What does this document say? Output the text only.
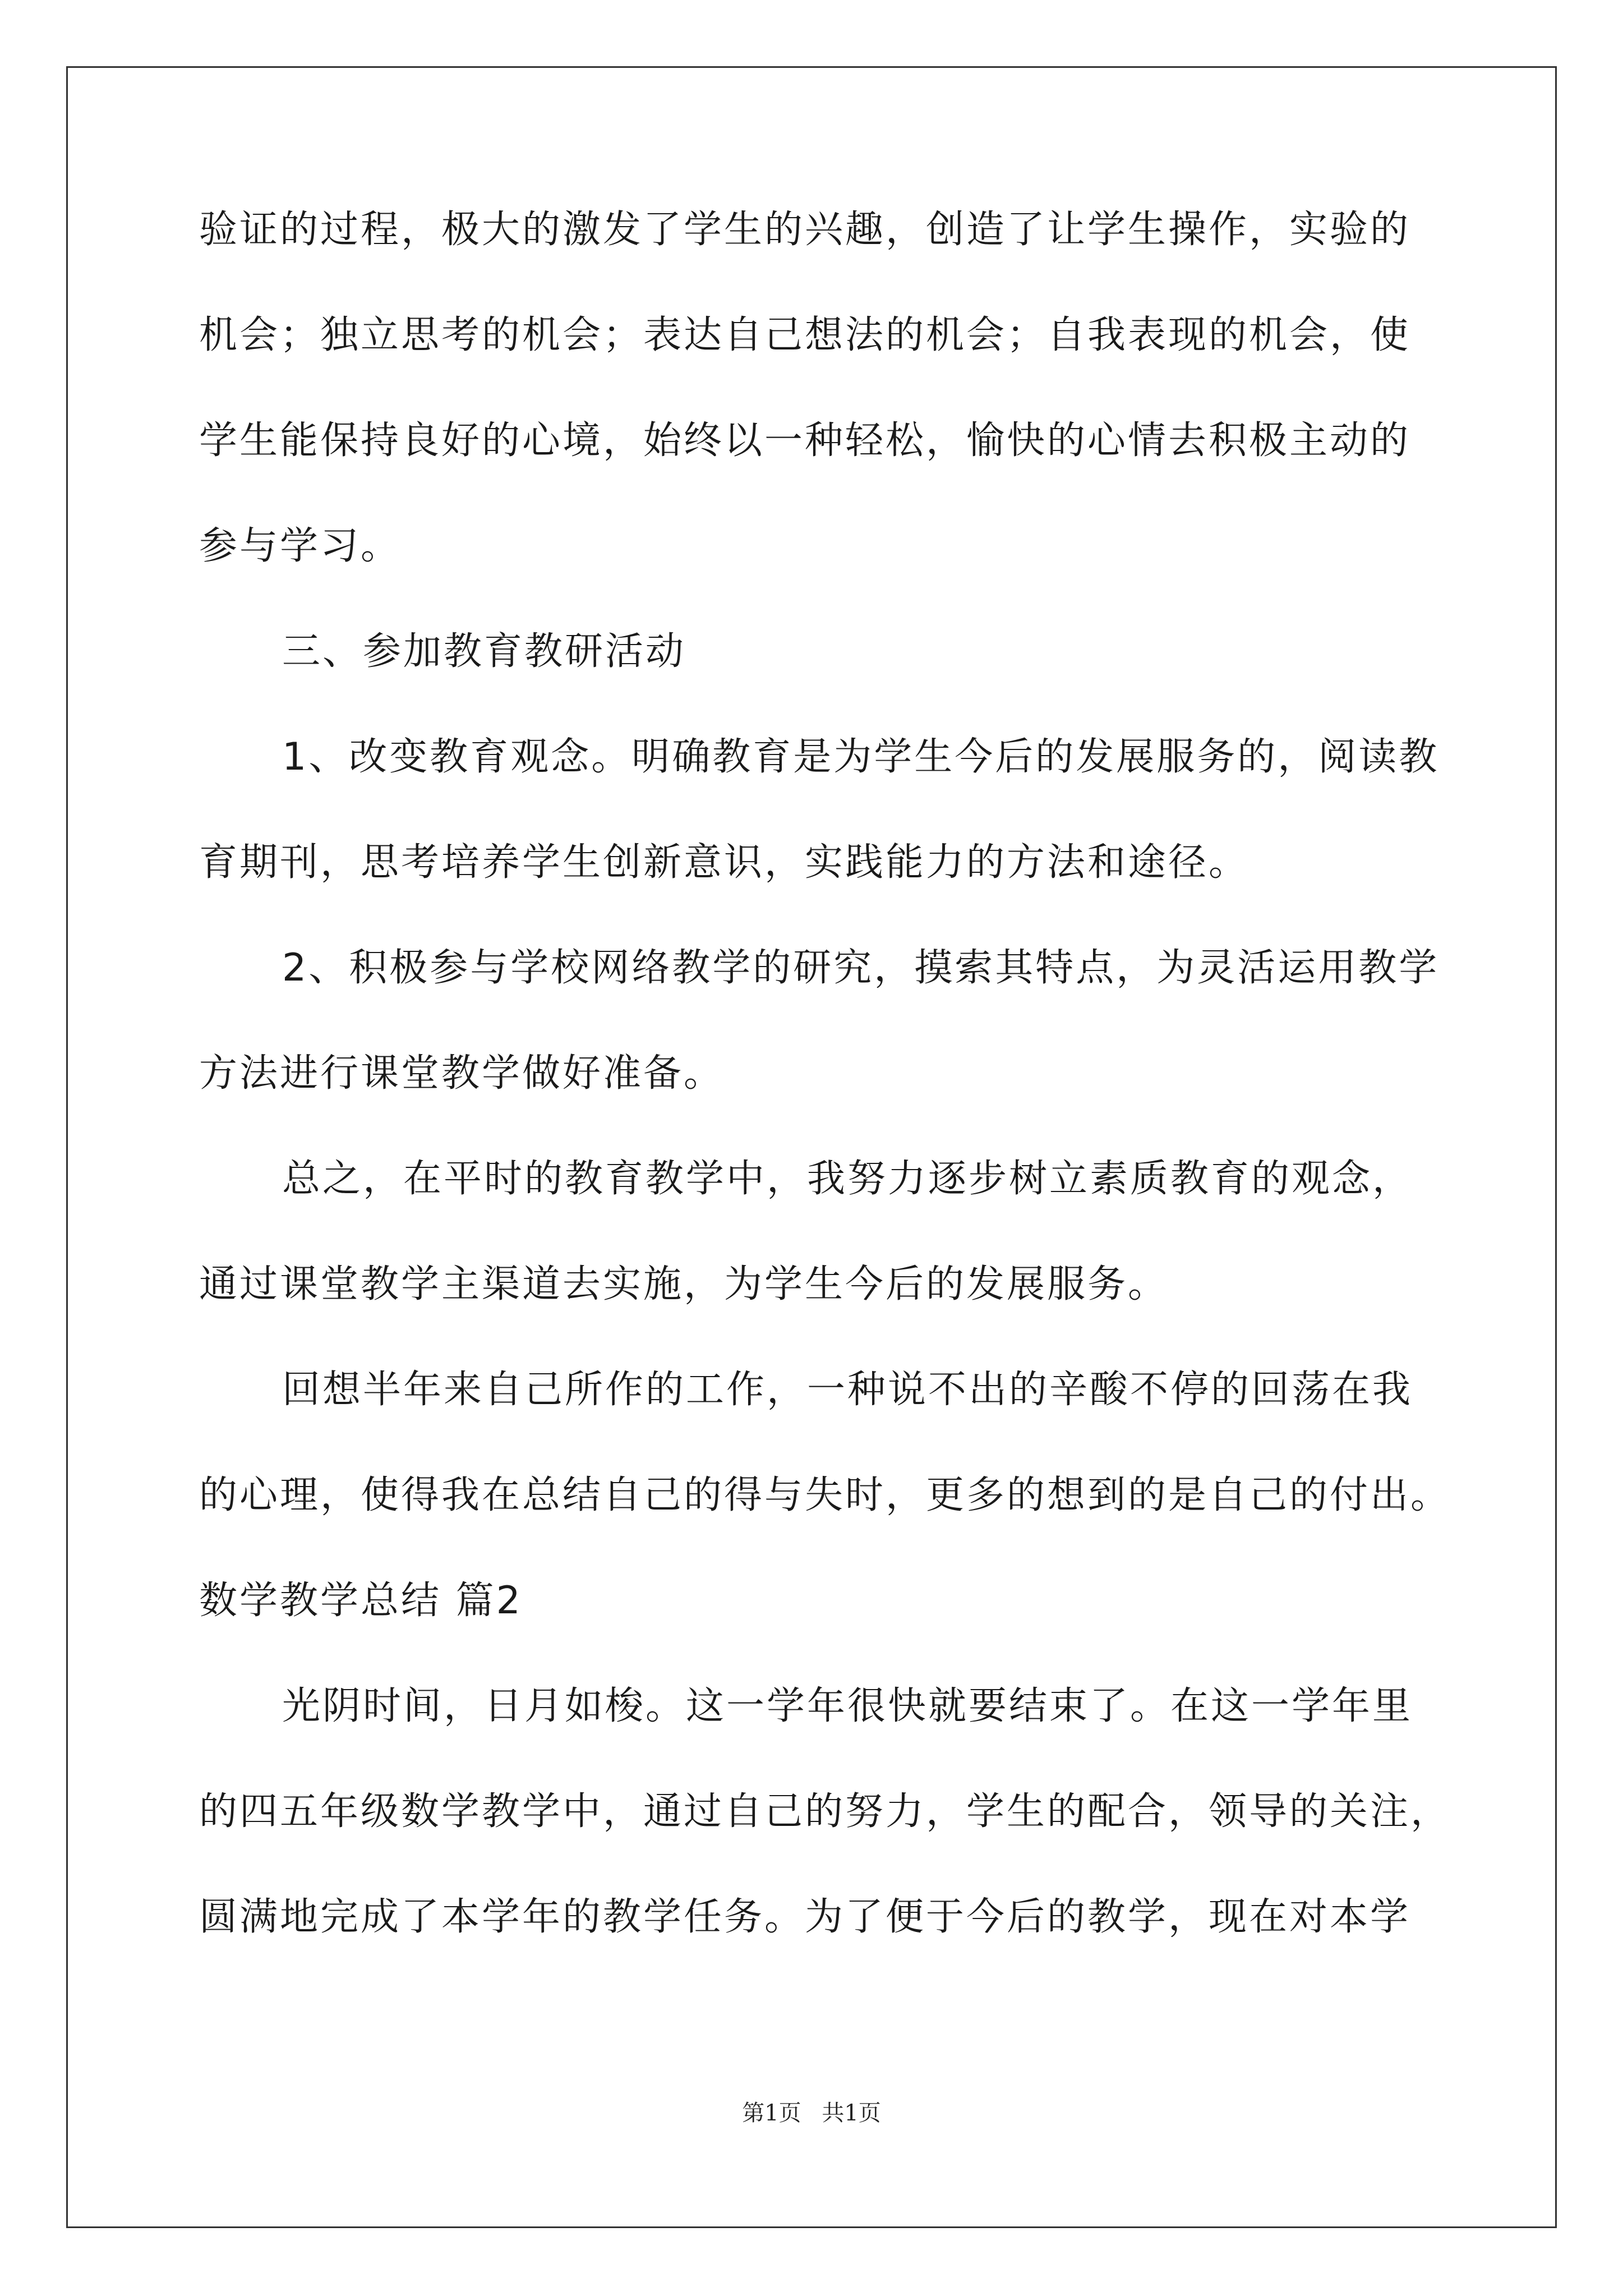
验证的过程，极大的激发了学生的兴趣，创造了让学生操作，实验的
机会；独立思考的机会；表达自己想法的机会；自我表现的机会，使
学生能保持良好的心境，始终以一种轻松，愉快的心情去积极主动的
参与学习。
三、参加教育教研活动
1、改变教育观念。明确教育是为学生今后的发展服务的，阅读教
育期刊，思考培养学生创新意识，实践能力的方法和途径。
2、积极参与学校网络教学的研究，摸索其特点，为灵活运用教学
方法进行课堂教学做好准备。
总之，在平时的教育教学中，我努力逐步树立素质教育的观念，
通过课堂教学主渠道去实施，为学生今后的发展服务。
回想半年来自己所作的工作，一种说不出的辛酸不停的回荡在我
的心理，使得我在总结自己的得与失时，更多的想到的是自己的付出。
数学教学总结 篇2
光阴时间，日月如梭。这一学年很快就要结束了。在这一学年里
的四五年级数学教学中，通过自己的努力，学生的配合，领导的关注，
圆满地完成了本学年的教学任务。为了便于今后的教学，现在对本学
第1页 共1页
